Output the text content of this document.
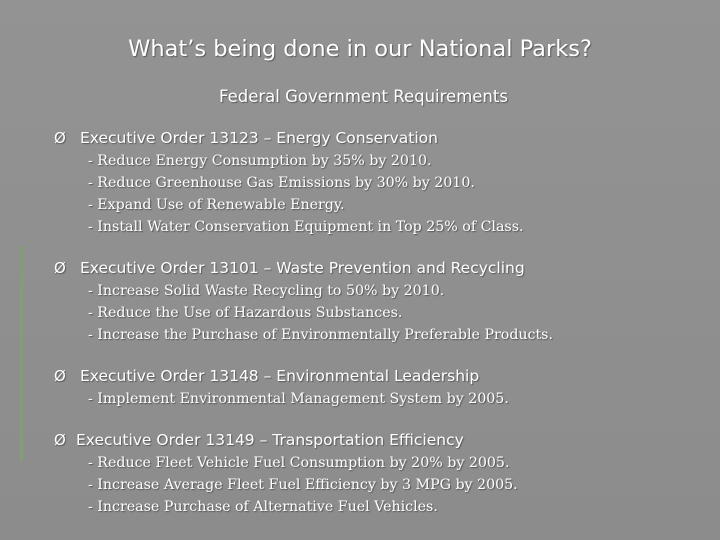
What’s being done in our National Parks?
Federal Government Requirements
Ø Executive Order 13123 – Energy Conservation
- Reduce Energy Consumption by 35% by 2010.
- Reduce Greenhouse Gas Emissions by 30% by 2010.
- Expand Use of Renewable Energy.
- Install Water Conservation Equipment in Top 25% of Class.
Ø Executive Order 13101 – Waste Prevention and Recycling
- Increase Solid Waste Recycling to 50% by 2010.
- Reduce the Use of Hazardous Substances.
- Increase the Purchase of Environmentally Preferable Products.
Ø Executive Order 13148 – Environmental Leadership
- Implement Environmental Management System by 2005.
Ø Executive Order 13149 – Transportation Efficiency
- Reduce Fleet Vehicle Fuel Consumption by 20% by 2005.
- Increase Average Fleet Fuel Efficiency by 3 MPG by 2005.
- Increase Purchase of Alternative Fuel Vehicles.
